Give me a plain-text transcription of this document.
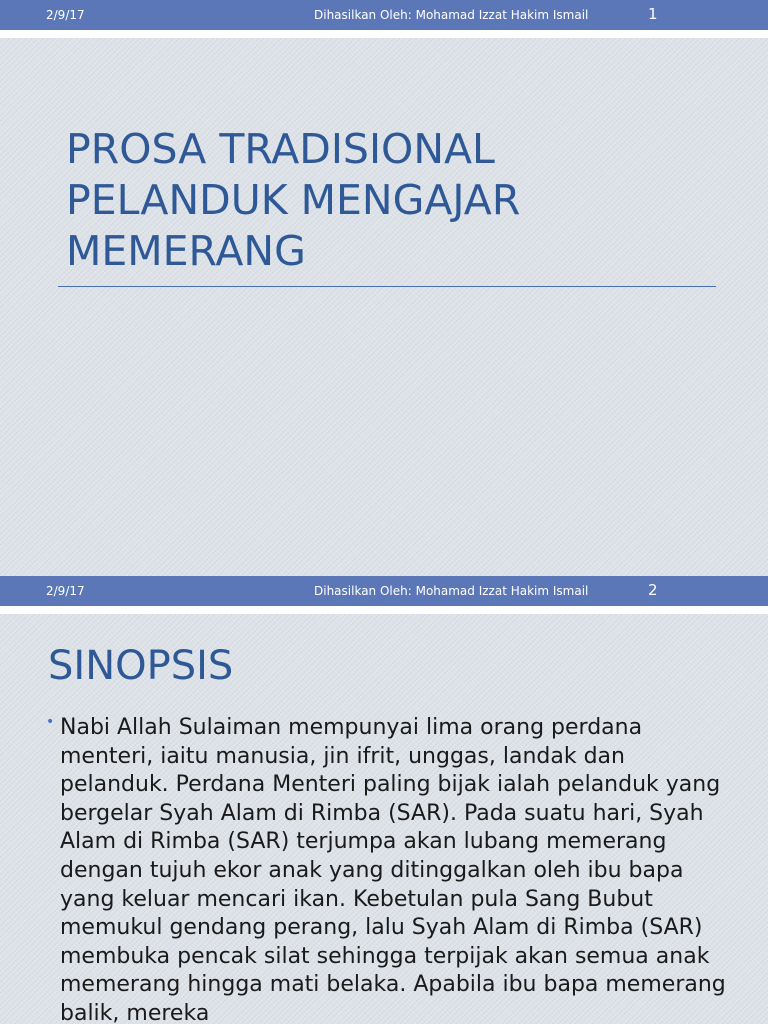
2/9/17	Dihasilkan Oleh: Mohamad Izzat Hakim Ismail	1
PROSA TRADISIONAL
PELANDUK MENGAJAR
MEMERANG
2/9/17	Dihasilkan Oleh: Mohamad Izzat Hakim Ismail	2
SINOPSIS
• Nabi Allah Sulaiman mempunyai lima orang perdana menteri, iaitu manusia, jin ifrit, unggas, landak dan pelanduk. Perdana Menteri paling bijak ialah pelanduk yang bergelar Syah Alam di Rimba (SAR). Pada suatu hari, Syah Alam di Rimba (SAR) terjumpa akan lubang memerang dengan tujuh ekor anak yang ditinggalkan oleh ibu bapa yang keluar mencari ikan. Kebetulan pula Sang Bubut memukul gendang perang, lalu Syah Alam di Rimba (SAR) membuka pencak silat sehingga terpijak akan semua anak memerang hingga mati belaka. Apabila ibu bapa memerang balik, mereka
